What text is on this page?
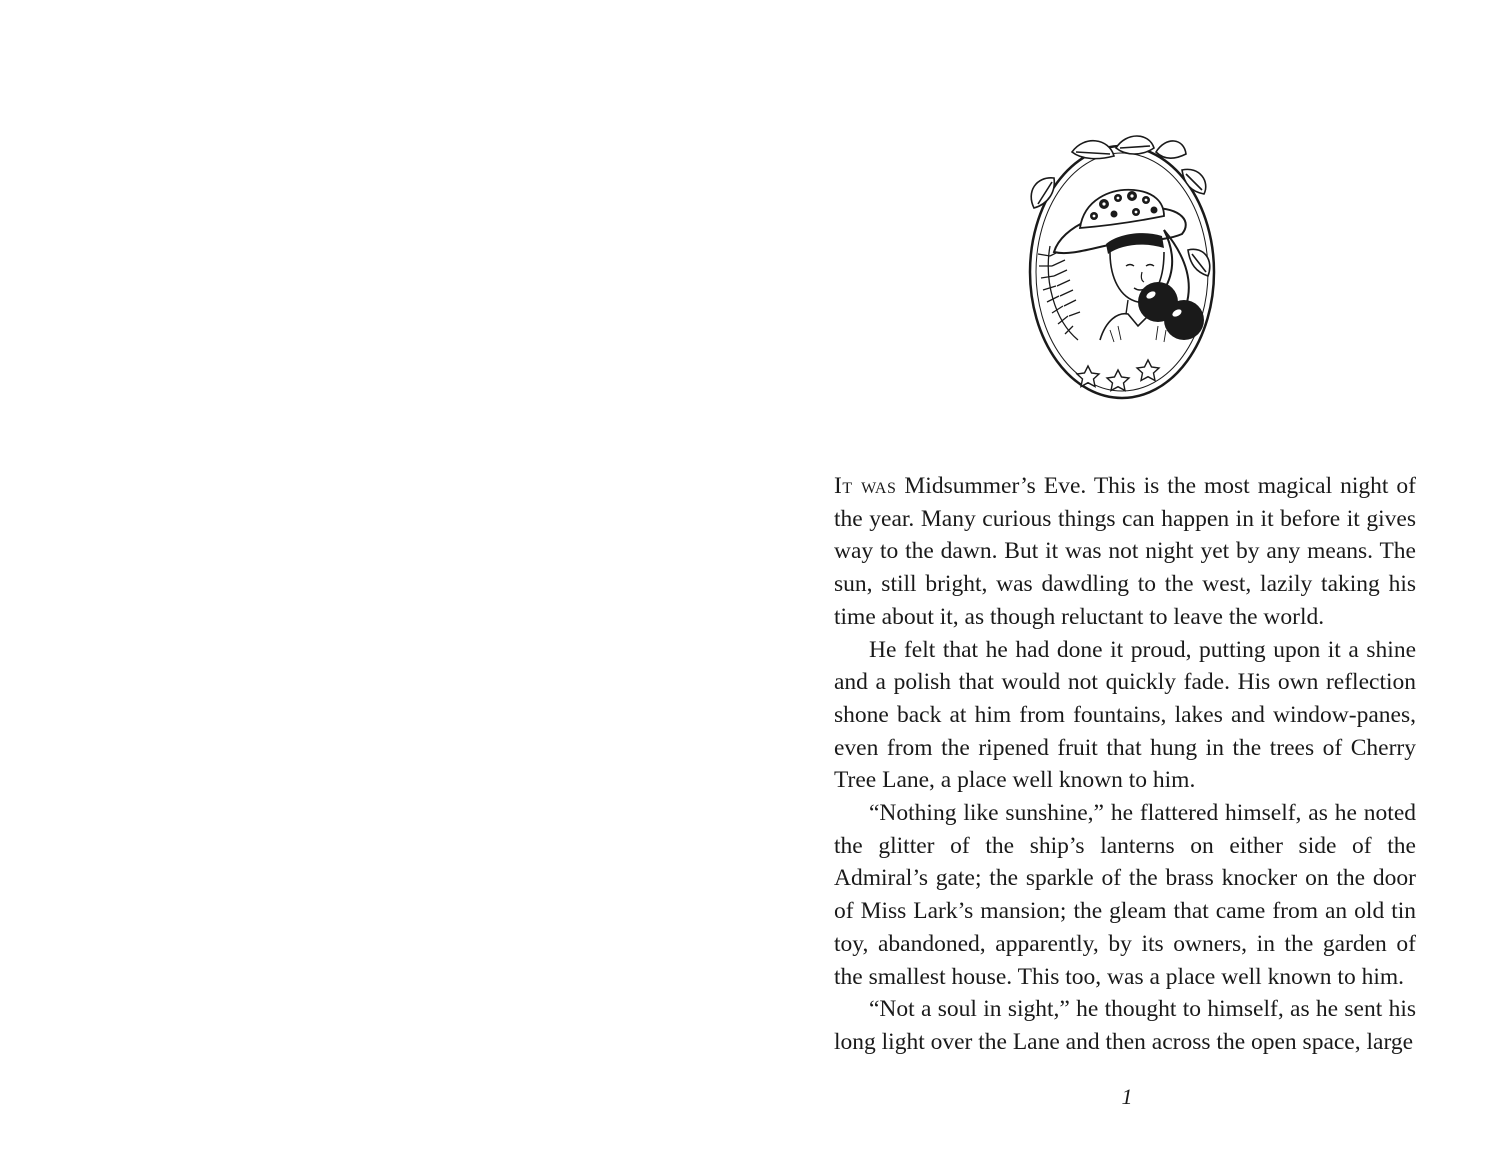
It was Midsummer’s Eve. This is the most magical night of the year. Many curious things can happen in it before it gives way to the dawn. But it was not night yet by any means. The sun, still bright, was dawdling to the west, lazily taking his time about it, as though reluctant to leave the world.

He felt that he had done it proud, putting upon it a shine and a polish that would not quickly fade. His own reflection shone back at him from fountains, lakes and window-panes, even from the ripened fruit that hung in the trees of Cherry Tree Lane, a place well known to him.

“Nothing like sunshine,” he flattered himself, as he noted the glitter of the ship’s lanterns on either side of the Admiral’s gate; the sparkle of the brass knocker on the door of Miss Lark’s mansion; the gleam that came from an old tin toy, abandoned, apparently, by its owners, in the garden of the smallest house. This too, was a place well known to him.

“Not a soul in sight,” he thought to himself, as he sent his long light over the Lane and then across the open space, large

1
